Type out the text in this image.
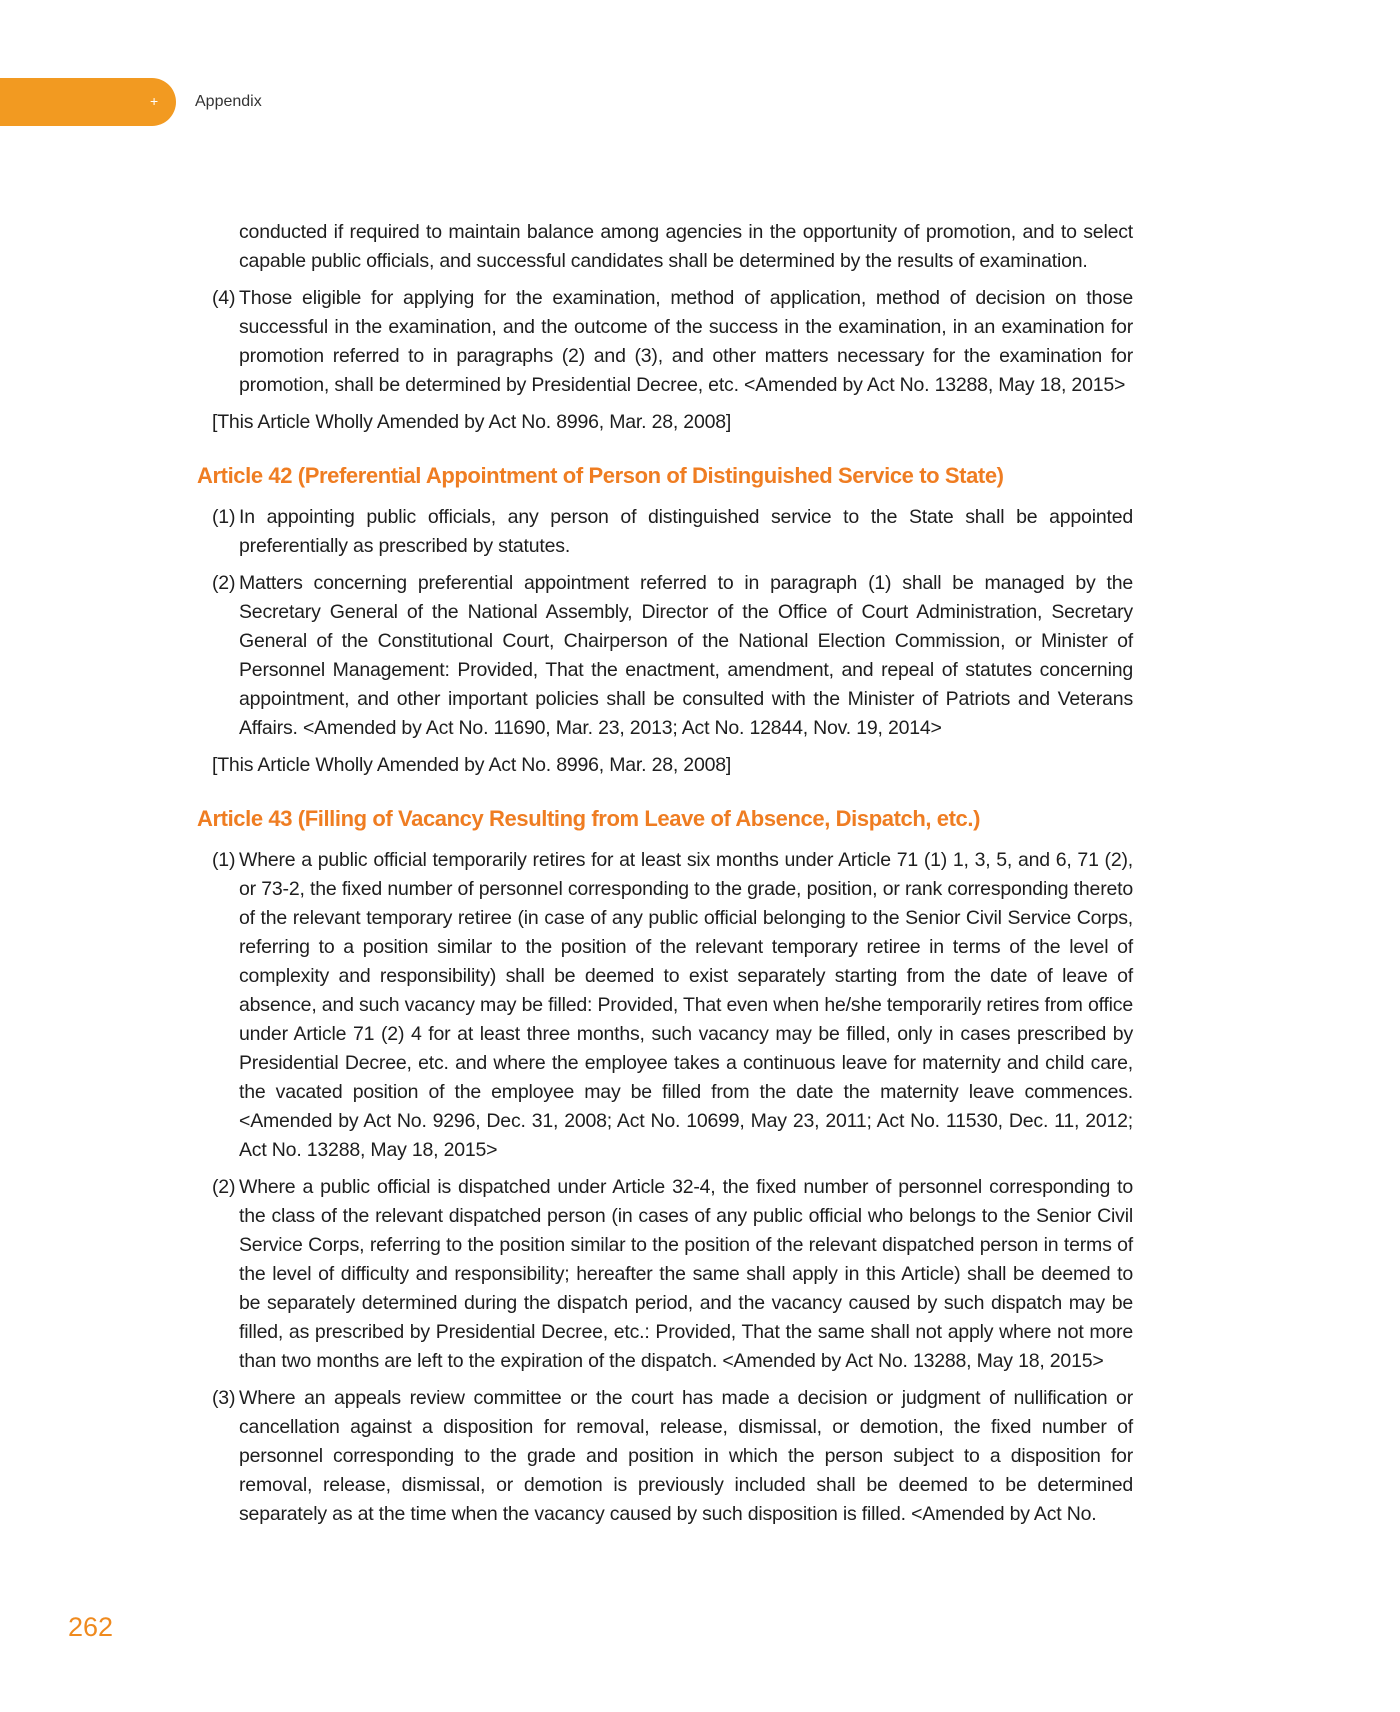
+ Appendix

conducted if required to maintain balance among agencies in the opportunity of promotion, and to select capable public officials, and successful candidates shall be determined by the results of examination.

(4) Those eligible for applying for the examination, method of application, method of decision on those successful in the examination, and the outcome of the success in the examination, in an examination for promotion referred to in paragraphs (2) and (3), and other matters necessary for the examination for promotion, shall be determined by Presidential Decree, etc. <Amended by Act No. 13288, May 18, 2015>

[This Article Wholly Amended by Act No. 8996, Mar. 28, 2008]

Article 42 (Preferential Appointment of Person of Distinguished Service to State)
(1) In appointing public officials, any person of distinguished service to the State shall be appointed preferentially as prescribed by statutes.
(2) Matters concerning preferential appointment referred to in paragraph (1) shall be managed by the Secretary General of the National Assembly, Director of the Office of Court Administration, Secretary General of the Constitutional Court, Chairperson of the National Election Commission, or Minister of Personnel Management: Provided, That the enactment, amendment, and repeal of statutes concerning appointment, and other important policies shall be consulted with the Minister of Patriots and Veterans Affairs. <Amended by Act No. 11690, Mar. 23, 2013; Act No. 12844, Nov. 19, 2014>

[This Article Wholly Amended by Act No. 8996, Mar. 28, 2008]

Article 43 (Filling of Vacancy Resulting from Leave of Absence, Dispatch, etc.)
(1) Where a public official temporarily retires for at least six months under Article 71 (1) 1, 3, 5, and 6, 71 (2), or 73-2, the fixed number of personnel corresponding to the grade, position, or rank corresponding thereto of the relevant temporary retiree (in case of any public official belonging to the Senior Civil Service Corps, referring to a position similar to the position of the relevant temporary retiree in terms of the level of complexity and responsibility) shall be deemed to exist separately starting from the date of leave of absence, and such vacancy may be filled: Provided, That even when he/she temporarily retires from office under Article 71 (2) 4 for at least three months, such vacancy may be filled, only in cases prescribed by Presidential Decree, etc. and where the employee takes a continuous leave for maternity and child care, the vacated position of the employee may be filled from the date the maternity leave commences. <Amended by Act No. 9296, Dec. 31, 2008; Act No. 10699, May 23, 2011; Act No. 11530, Dec. 11, 2012; Act No. 13288, May 18, 2015>
(2) Where a public official is dispatched under Article 32-4, the fixed number of personnel corresponding to the class of the relevant dispatched person (in cases of any public official who belongs to the Senior Civil Service Corps, referring to the position similar to the position of the relevant dispatched person in terms of the level of difficulty and responsibility; hereafter the same shall apply in this Article) shall be deemed to be separately determined during the dispatch period, and the vacancy caused by such dispatch may be filled, as prescribed by Presidential Decree, etc.: Provided, That the same shall not apply where not more than two months are left to the expiration of the dispatch. <Amended by Act No. 13288, May 18, 2015>
(3) Where an appeals review committee or the court has made a decision or judgment of nullification or cancellation against a disposition for removal, release, dismissal, or demotion, the fixed number of personnel corresponding to the grade and position in which the person subject to a disposition for removal, release, dismissal, or demotion is previously included shall be deemed to be determined separately as at the time when the vacancy caused by such disposition is filled. <Amended by Act No.
262
